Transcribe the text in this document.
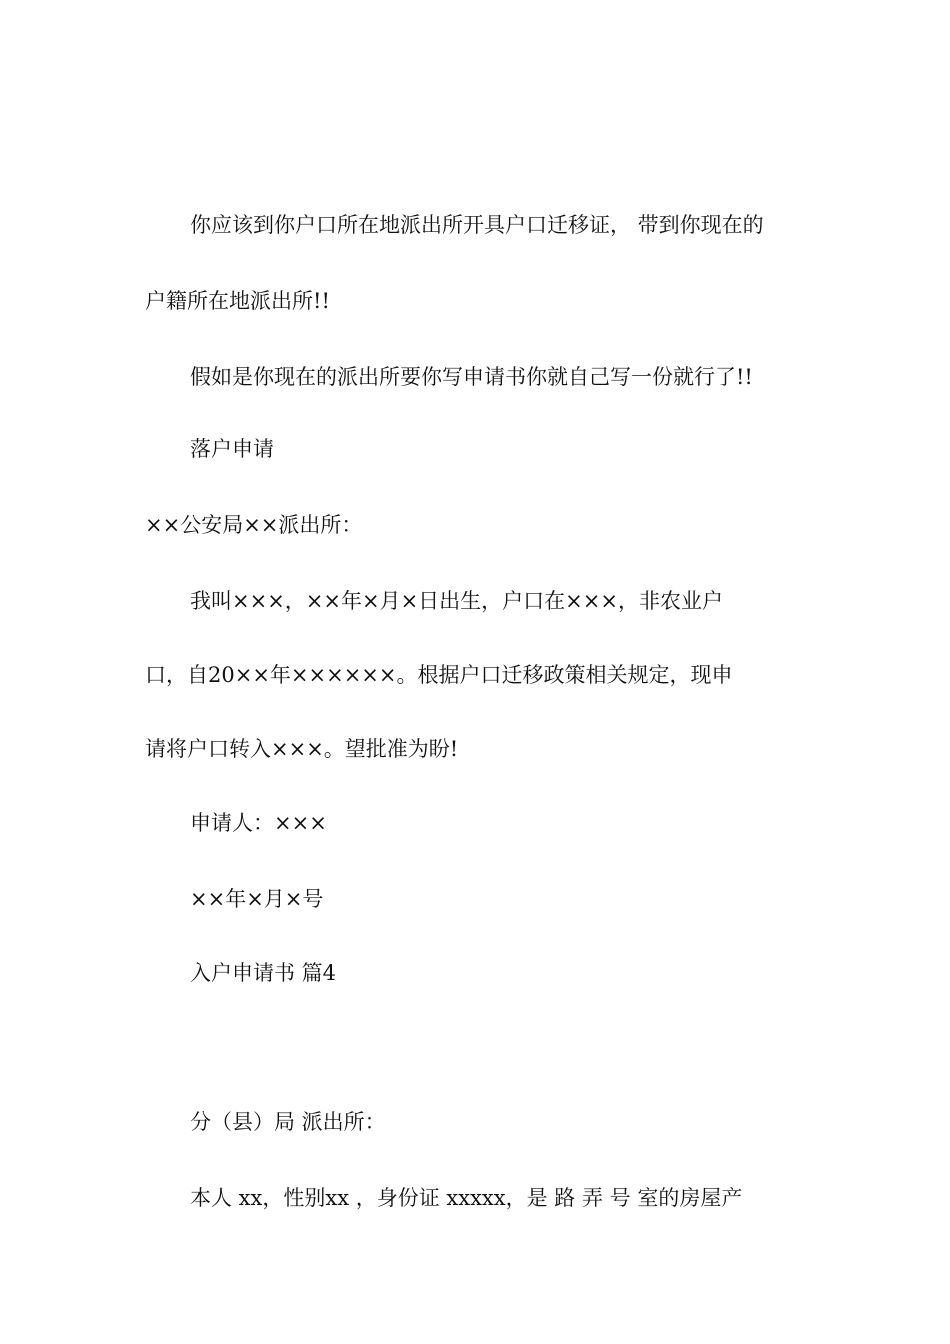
你应该到你户口所在地派出所开具户口迁移证， 带到你现在的

户籍所在地派出所!!

假如是你现在的派出所要你写申请书你就自己写一份就行了!!

落户申请

××公安局××派出所：

我叫×××，××年×月×日出生，户口在×××，非农业户

口，自20××年××××××。根据户口迁移政策相关规定，现申

请将户口转入×××。望批准为盼!

申请人：×××

××年×月×号

入户申请书 篇4

分（县）局 派出所：

本人 xx，性别xx ，身份证 xxxxx，是 路 弄 号 室的房屋产
